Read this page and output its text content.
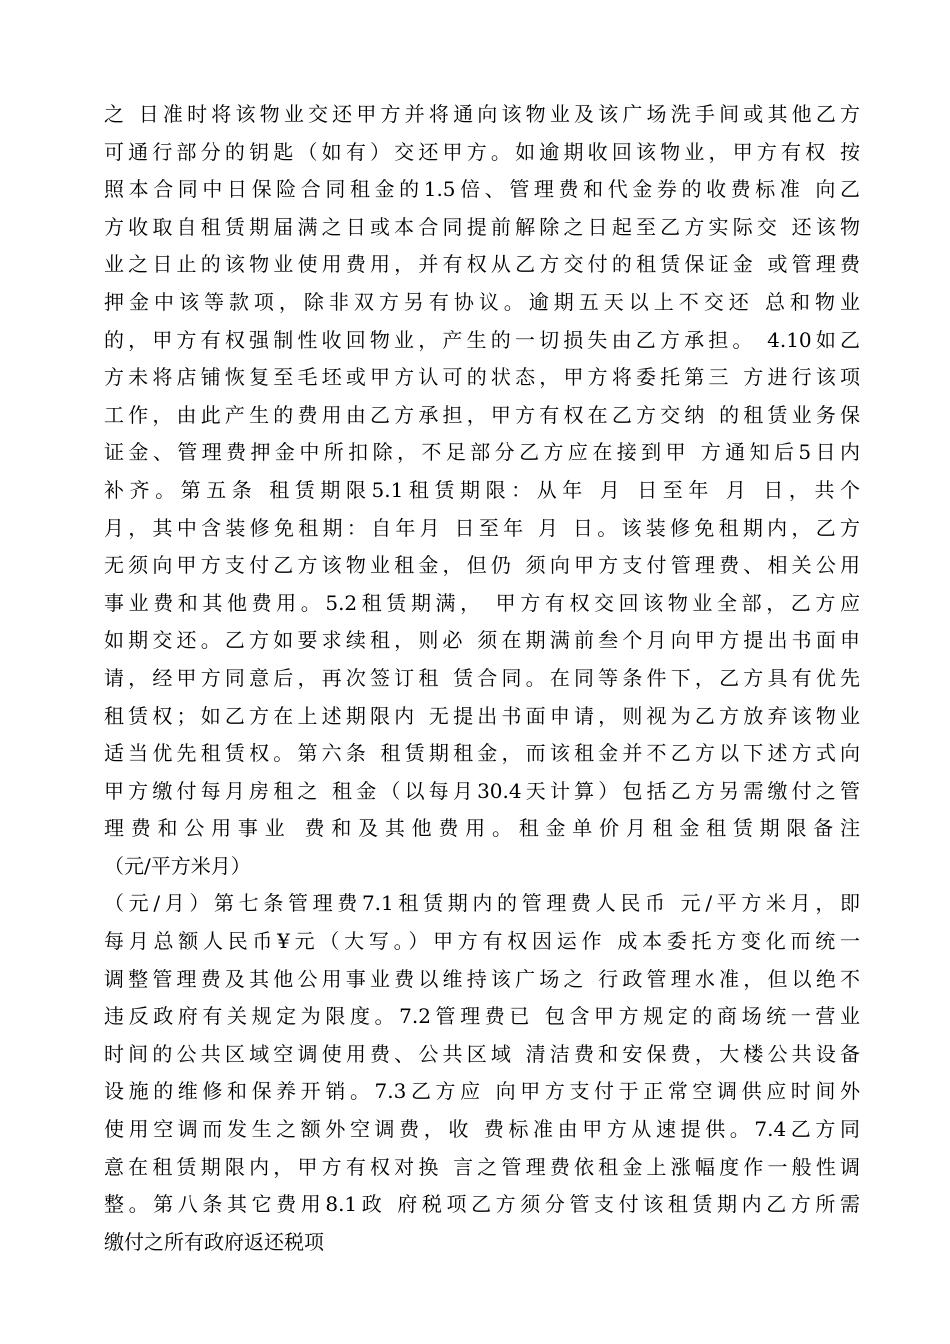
之 日准时将该物业交还甲方并将通向该物业及该广场洗手间或其他乙方
可通行部分的钥匙（如有）交还甲方。如逾期收回该物业，甲方有权 按
照本合同中日保险合同租金的1.5倍、管理费和代金券的收费标准 向乙
方收取自租赁期届满之日或本合同提前解除之日起至乙方实际交 还该物
业之日止的该物业使用费用，并有权从乙方交付的租赁保证金 或管理费
押金中该等款项，除非双方另有协议。逾期五天以上不交还 总和物业
的，甲方有权强制性收回物业，产生的一切损失由乙方承担。 4.10如乙
方未将店铺恢复至毛坯或甲方认可的状态，甲方将委托第三 方进行该项
工作，由此产生的费用由乙方承担，甲方有权在乙方交纳 的租赁业务保
证金、管理费押金中所扣除，不足部分乙方应在接到甲 方通知后5日内
补齐。第五条 租赁期限5.1租赁期限：从年 月 日至年 月 日，共个
月，其中含装修免租期：自年月 日至年 月 日。该装修免租期内，乙方
无须向甲方支付乙方该物业租金，但仍 须向甲方支付管理费、相关公用
事业费和其他费用。5.2租赁期满， 甲方有权交回该物业全部，乙方应
如期交还。乙方如要求续租，则必 须在期满前叁个月向甲方提出书面申
请，经甲方同意后，再次签订租 赁合同。在同等条件下，乙方具有优先
租赁权；如乙方在上述期限内 无提出书面申请，则视为乙方放弃该物业
适当优先租赁权。第六条 租赁期租金，而该租金并不乙方以下述方式向
甲方缴付每月房租之 租金（以每月30.4天计算）包括乙方另需缴付之管
理费和公用事业 费和及其他费用。租金单价月租金租赁期限备注
（元/平方米月）
（元/月）第七条管理费7.1租赁期内的管理费人民币 元/平方米月，即
每月总额人民币¥元（大写。）甲方有权因运作 成本委托方变化而统一
调整管理费及其他公用事业费以维持该广场之 行政管理水准，但以绝不
违反政府有关规定为限度。7.2管理费已 包含甲方规定的商场统一营业
时间的公共区域空调使用费、公共区域 清洁费和安保费，大楼公共设备
设施的维修和保养开销。7.3乙方应 向甲方支付于正常空调供应时间外
使用空调而发生之额外空调费，收 费标准由甲方从速提供。7.4乙方同
意在租赁期限内，甲方有权对换 言之管理费依租金上涨幅度作一般性调
整。第八条其它费用8.1政 府税项乙方须分管支付该租赁期内乙方所需
缴付之所有政府返还税项
